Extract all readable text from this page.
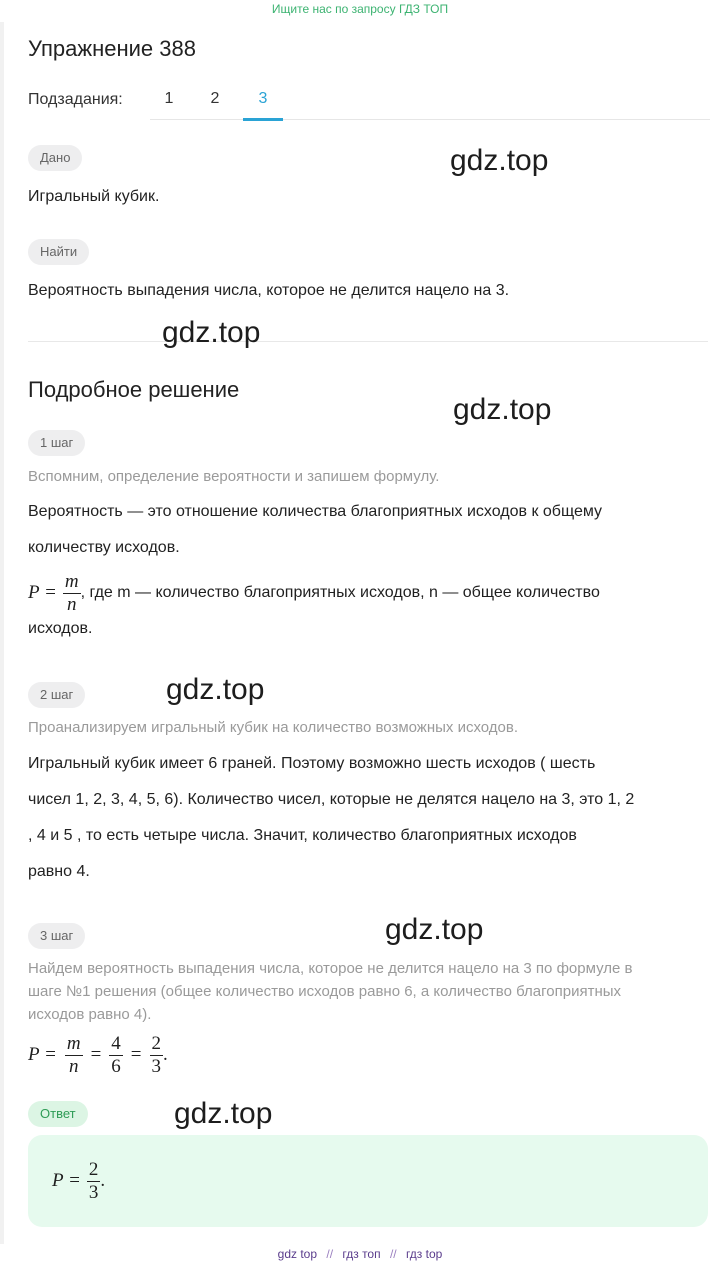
Ищите нас по запросу ГДЗ ТОП
Упражнение 388
Подзадания:	1	2	3
Дано
Игральный кубик.
Найти
Вероятность выпадения числа, которое не делится нацело на 3.
Подробное решение
1 шаг
Вспомним, определение вероятности и запишем формулу.
Вероятность — это отношение количества благоприятных исходов к общему
количеству исходов.
$P = \frac{m}{n}$ , где m — количество благоприятных исходов, n — общее количество
исходов.
2 шаг
Проанализируем игральный кубик на количество возможных исходов.
Игральный кубик имеет 6 граней. Поэтому возможно шесть исходов ( шесть
чисел 1, 2, 3, 4, 5, 6). Количество чисел, которые не делятся нацело на 3, это 1, 2
, 4 и 5 , то есть четыре числа. Значит, количество благоприятных исходов
равно 4.
3 шаг
Найдем вероятность выпадения числа, которое не делится нацело на 3 по формуле в
шаге №1 решения (общее количество исходов равно 6, а количество благоприятных
исходов равно 4).
$P = \frac{m}{n} = \frac{4}{6} = \frac{2}{3}$ .
Ответ
$P = \frac{2}{3}$ .
gdz.top
gdz.top
gdz.top
gdz.top
gdz.top
gdz.top
gdz top // гдз топ // гдз top
